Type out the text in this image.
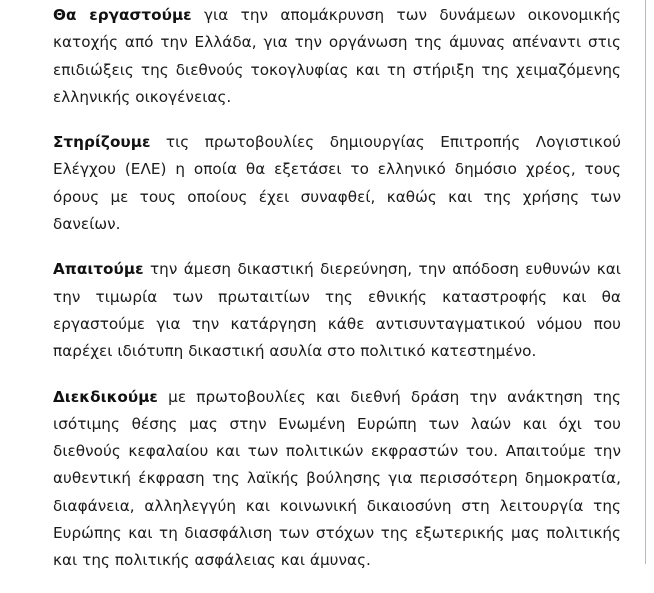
Θα εργαστούμε για την απομάκρυνση των δυνάμεων οικονομικής κατοχής από την Ελλάδα, για την οργάνωση της άμυνας απέναντι στις επιδιώξεις της διεθνούς τοκογλυφίας και τη στήριξη της χειμαζόμενης ελληνικής οικογένειας.

Στηρίζουμε τις πρωτοβουλίες δημιουργίας Επιτροπής Λογιστικού Ελέγχου (ΕΛΕ) η οποία θα εξετάσει το ελληνικό δημόσιο χρέος, τους όρους με τους οποίους έχει συναφθεί, καθώς και της χρήσης των δανείων.

Απαιτούμε την άμεση δικαστική διερεύνηση, την απόδοση ευθυνών και την τιμωρία των πρωταιτίων της εθνικής καταστροφής και θα εργαστούμε για την κατάργηση κάθε αντισυνταγματικού νόμου που παρέχει ιδιότυπη δικαστική ασυλία στο πολιτικό κατεστημένο.

Διεκδικούμε με πρωτοβουλίες και διεθνή δράση την ανάκτηση της ισότιμης θέσης μας στην Ενωμένη Ευρώπη των λαών και όχι του διεθνούς κεφαλαίου και των πολιτικών εκφραστών του. Απαιτούμε την αυθεντική έκφραση της λαϊκής βούλησης για περισσότερη δημοκρατία, διαφάνεια, αλληλεγγύη και κοινωνική δικαιοσύνη στη λειτουργία της Ευρώπης και τη διασφάλιση των στόχων της εξωτερικής μας πολιτικής και της πολιτικής ασφάλειας και άμυνας.
